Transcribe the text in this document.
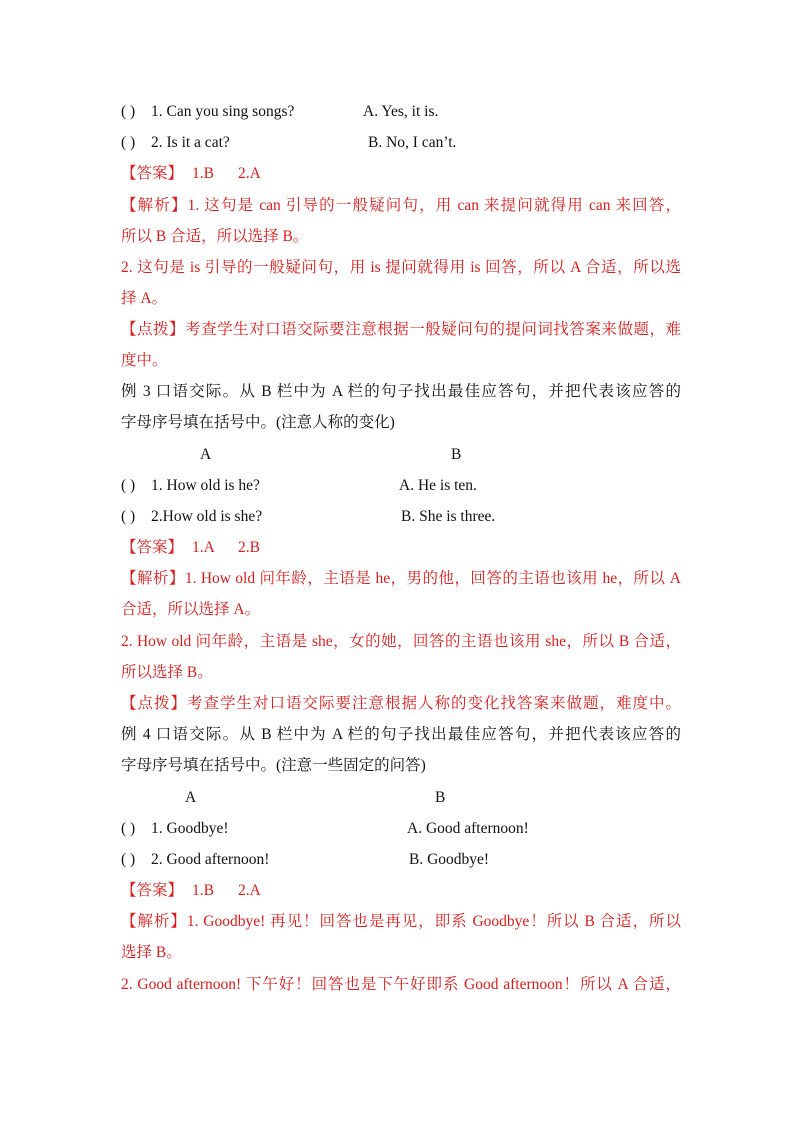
( ) 1. Can you sing songs?	A. Yes, it is.
( ) 2. Is it a cat?	B. No, I can’t.
【答案】 1.B 2.A
【解析】1. 这句是 can 引导的一般疑问句，用 can 来提问就得用 can 来回答，
所以 B 合适，所以选择 B。
2. 这句是 is 引导的一般疑问句，用 is 提问就得用 is 回答，所以 A 合适，所以选
择 A。
【点拨】考查学生对口语交际要注意根据一般疑问句的提问词找答案来做题，难
度中。
例 3 口语交际。从 B 栏中为 A 栏的句子找出最佳应答句，并把代表该应答的
字母序号填在括号中。(注意人称的变化)
A	B
( ) 1. How old is he?	A. He is ten.
( ) 2.How old is she?	B. She is three.
【答案】 1.A 2.B
【解析】1. How old 问年龄，主语是 he，男的他，回答的主语也该用 he，所以 A
合适，所以选择 A。
2. How old 问年龄，主语是 she，女的她，回答的主语也该用 she，所以 B 合适，
所以选择 B。
【点拨】考查学生对口语交际要注意根据人称的变化找答案来做题，难度中。
例 4 口语交际。从 B 栏中为 A 栏的句子找出最佳应答句，并把代表该应答的
字母序号填在括号中。(注意一些固定的问答)
A	B
( ) 1. Goodbye!	A. Good afternoon!
( ) 2. Good afternoon!	B. Goodbye!
【答案】 1.B 2.A
【解析】1. Goodbye! 再见！回答也是再见，即系 Goodbye！所以 B 合适，所以
选择 B。
2. Good afternoon! 下午好！回答也是下午好即系 Good afternoon！所以 A 合适，
